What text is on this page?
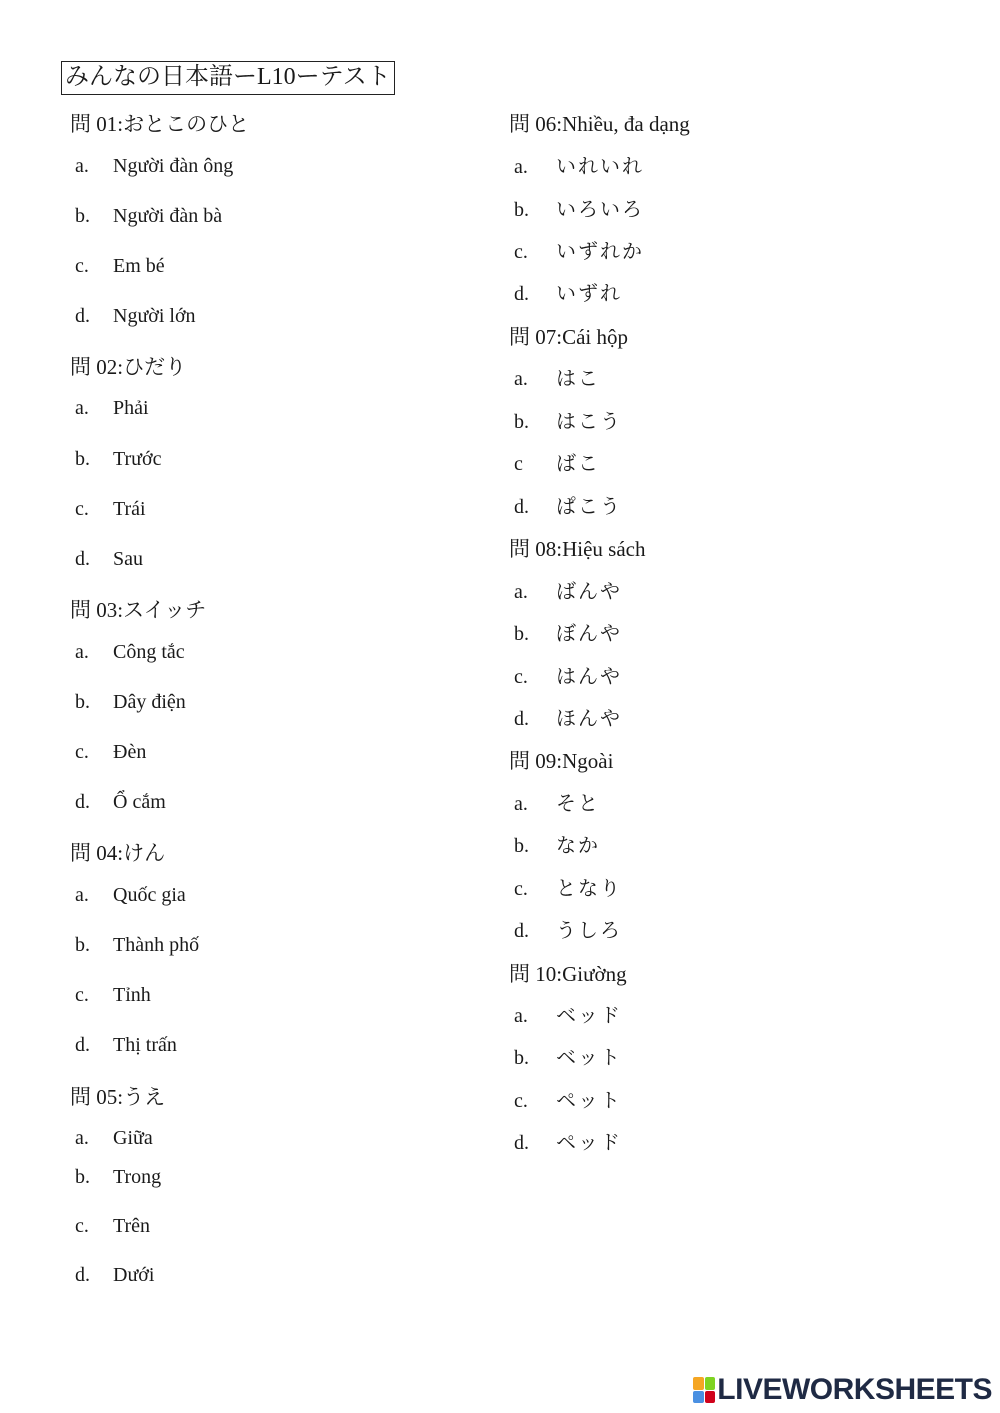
みんなの日本語ーL10ーテスト
問 01:おとこのひと
a. Người đàn ông
b. Người đàn bà
c. Em bé
d. Người lớn
問 02:ひだり
a. Phải
b. Trước
c. Trái
d. Sau
問 03:スイッチ
a. Công tắc
b. Dây điện
c. Đèn
d. Ổ cắm
問 04:けん
a. Quốc gia
b. Thành phố
c. Tỉnh
d. Thị trấn
問 05:うえ
a. Giữa
b. Trong
c. Trên
d. Dưới
問 06:Nhiều, đa dạng
a. いれいれ
b. いろいろ
c. いずれか
d. いずれ
問 07:Cái hộp
a. はこ
b. はこう
c ばこ
d. ぱこう
問 08:Hiệu sách
a. ばんや
b. ぼんや
c. はんや
d. ほんや
問 09:Ngoài
a. そと
b. なか
c. となり
d. うしろ
問 10:Giường
a. ベッド
b. ベット
c. ペット
d. ペッド
LIVEWORKSHEETS
